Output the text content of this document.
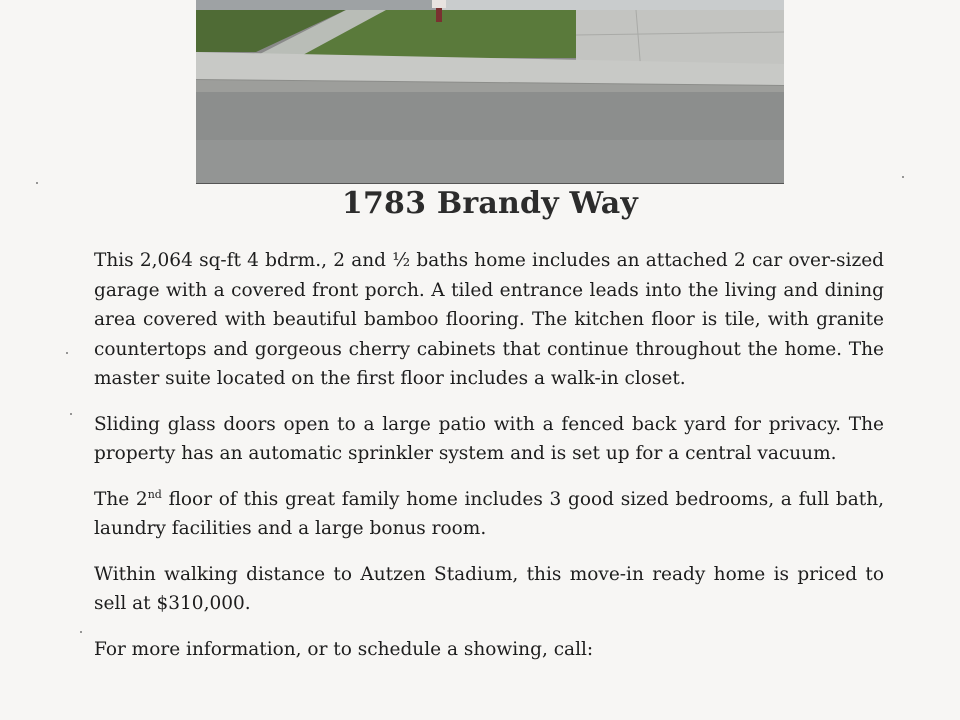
1783 Brandy Way

This 2,064 sq-ft 4 bdrm., 2 and ½ baths home includes an attached 2 car over-sized garage with a covered front porch. A tiled entrance leads into the living and dining area covered with beautiful bamboo flooring. The kitchen floor is tile, with granite countertops and gorgeous cherry cabinets that continue throughout the home. The master suite located on the first floor includes a walk-in closet.

Sliding glass doors open to a large patio with a fenced back yard for privacy. The property has an automatic sprinkler system and is set up for a central vacuum.

The 2nd floor of this great family home includes 3 good sized bedrooms, a full bath, laundry facilities and a large bonus room.

Within walking distance to Autzen Stadium, this move-in ready home is priced to sell at $310,000.

For more information, or to schedule a showing, call:
